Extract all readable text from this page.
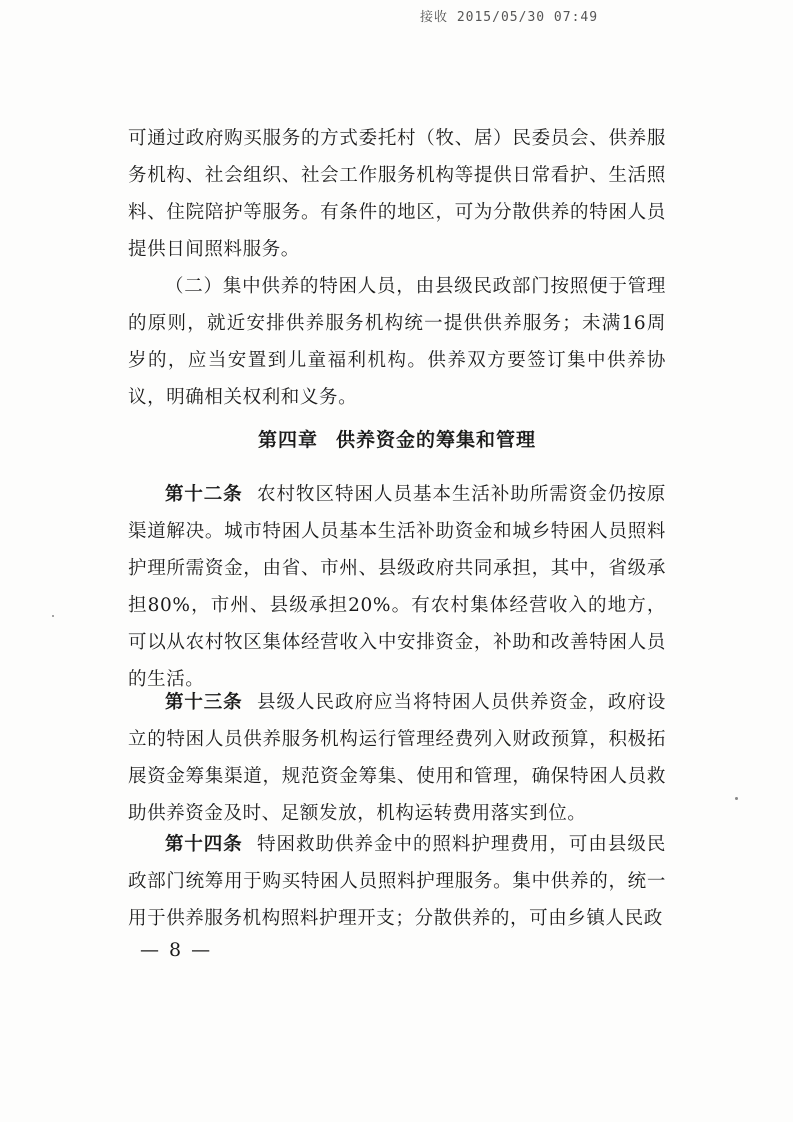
接收 2015/05/30 07:49

可通过政府购买服务的方式委托村（牧、居）民委员会、供养服务机构、社会组织、社会工作服务机构等提供日常看护、生活照料、住院陪护等服务。有条件的地区，可为分散供养的特困人员提供日间照料服务。

（二）集中供养的特困人员，由县级民政部门按照便于管理的原则，就近安排供养服务机构统一提供供养服务；未满16周岁的，应当安置到儿童福利机构。供养双方要签订集中供养协议，明确相关权利和义务。

第四章 供养资金的筹集和管理

第十二条 农村牧区特困人员基本生活补助所需资金仍按原渠道解决。城市特困人员基本生活补助资金和城乡特困人员照料护理所需资金，由省、市州、县级政府共同承担，其中，省级承担80%，市州、县级承担20%。有农村集体经营收入的地方，可以从农村牧区集体经营收入中安排资金，补助和改善特困人员的生活。

第十三条 县级人民政府应当将特困人员供养资金，政府设立的特困人员供养服务机构运行管理经费列入财政预算，积极拓展资金筹集渠道，规范资金筹集、使用和管理，确保特困人员救助供养资金及时、足额发放，机构运转费用落实到位。

第十四条 特困救助供养金中的照料护理费用，可由县级民政部门统筹用于购买特困人员照料护理服务。集中供养的，统一用于供养服务机构照料护理开支；分散供养的，可由乡镇人民政

— 8 —
